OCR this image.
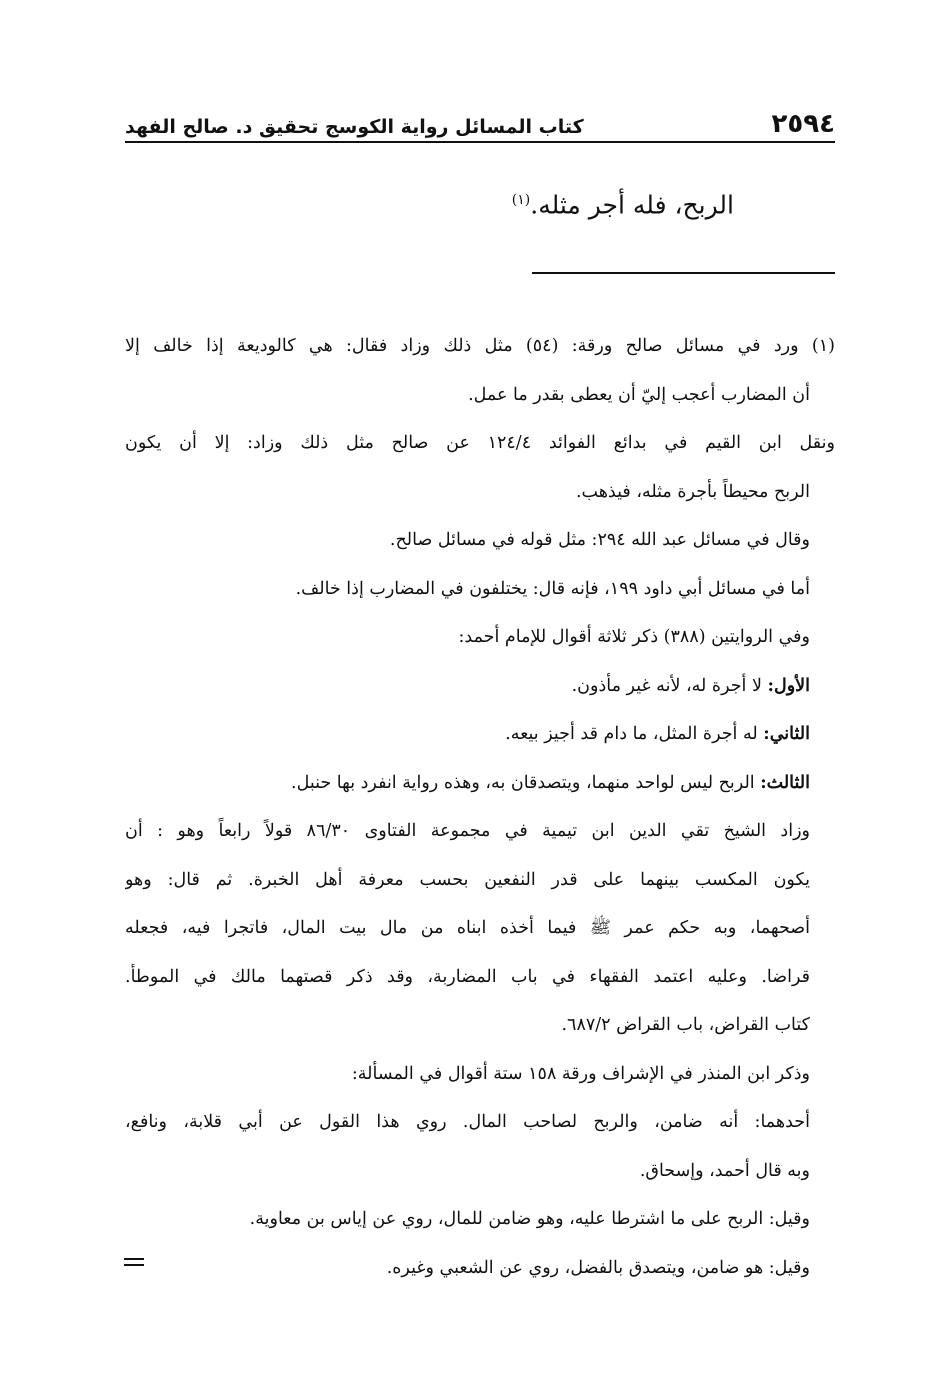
٢٥٩٤
كتاب المسائل رواية الكوسج تحقيق د. صالح الفهد

الربح، فله أجر مثله.$^{(١)}$

(١) ورد في مسائل صالح ورقة: (٥٤) مثل ذلك وزاد فقال: هي كالوديعة إذا خالف إلا
أن المضارب أعجب إليّ أن يعطى بقدر ما عمل.
ونقل ابن القيم في بدائع الفوائد ١٢٤/٤ عن صالح مثل ذلك وزاد: إلا أن يكون
الربح محيطاً بأجرة مثله، فيذهب.
وقال في مسائل عبد الله ٢٩٤: مثل قوله في مسائل صالح.
أما في مسائل أبي داود ١٩٩، فإنه قال: يختلفون في المضارب إذا خالف.
وفي الروايتين (٣٨٨) ذكر ثلاثة أقوال للإمام أحمد:
الأول: لا أجرة له، لأنه غير مأذون.
الثاني: له أجرة المثل، ما دام قد أجيز بيعه.
الثالث: الربح ليس لواحد منهما، ويتصدقان به، وهذه رواية انفرد بها حنبل.
وزاد الشيخ تقي الدين ابن تيمية في مجموعة الفتاوى ٨٦/٣٠ قولاً رابعاً وهو : أن
يكون المكسب بينهما على قدر النفعين بحسب معرفة أهل الخبرة. ثم قال: وهو
أصحهما، وبه حكم عمر ﷺ فيما أخذه ابناه من مال بيت المال، فاتجرا فيه، فجعله
قراضا. وعليه اعتمد الفقهاء في باب المضاربة، وقد ذكر قصتهما مالك في الموطأ.
كتاب القراض، باب القراض ٦٨٧/٢.
وذكر ابن المنذر في الإشراف ورقة ١٥٨ ستة أقوال في المسألة:
أحدهما: أنه ضامن، والربح لصاحب المال. روي هذا القول عن أبي قلابة، ونافع،
وبه قال أحمد، وإسحاق.
وقيل: الربح على ما اشترطا عليه، وهو ضامن للمال، روي عن إياس بن معاوية.
وقيل: هو ضامن، ويتصدق بالفضل، روي عن الشعبي وغيره.
